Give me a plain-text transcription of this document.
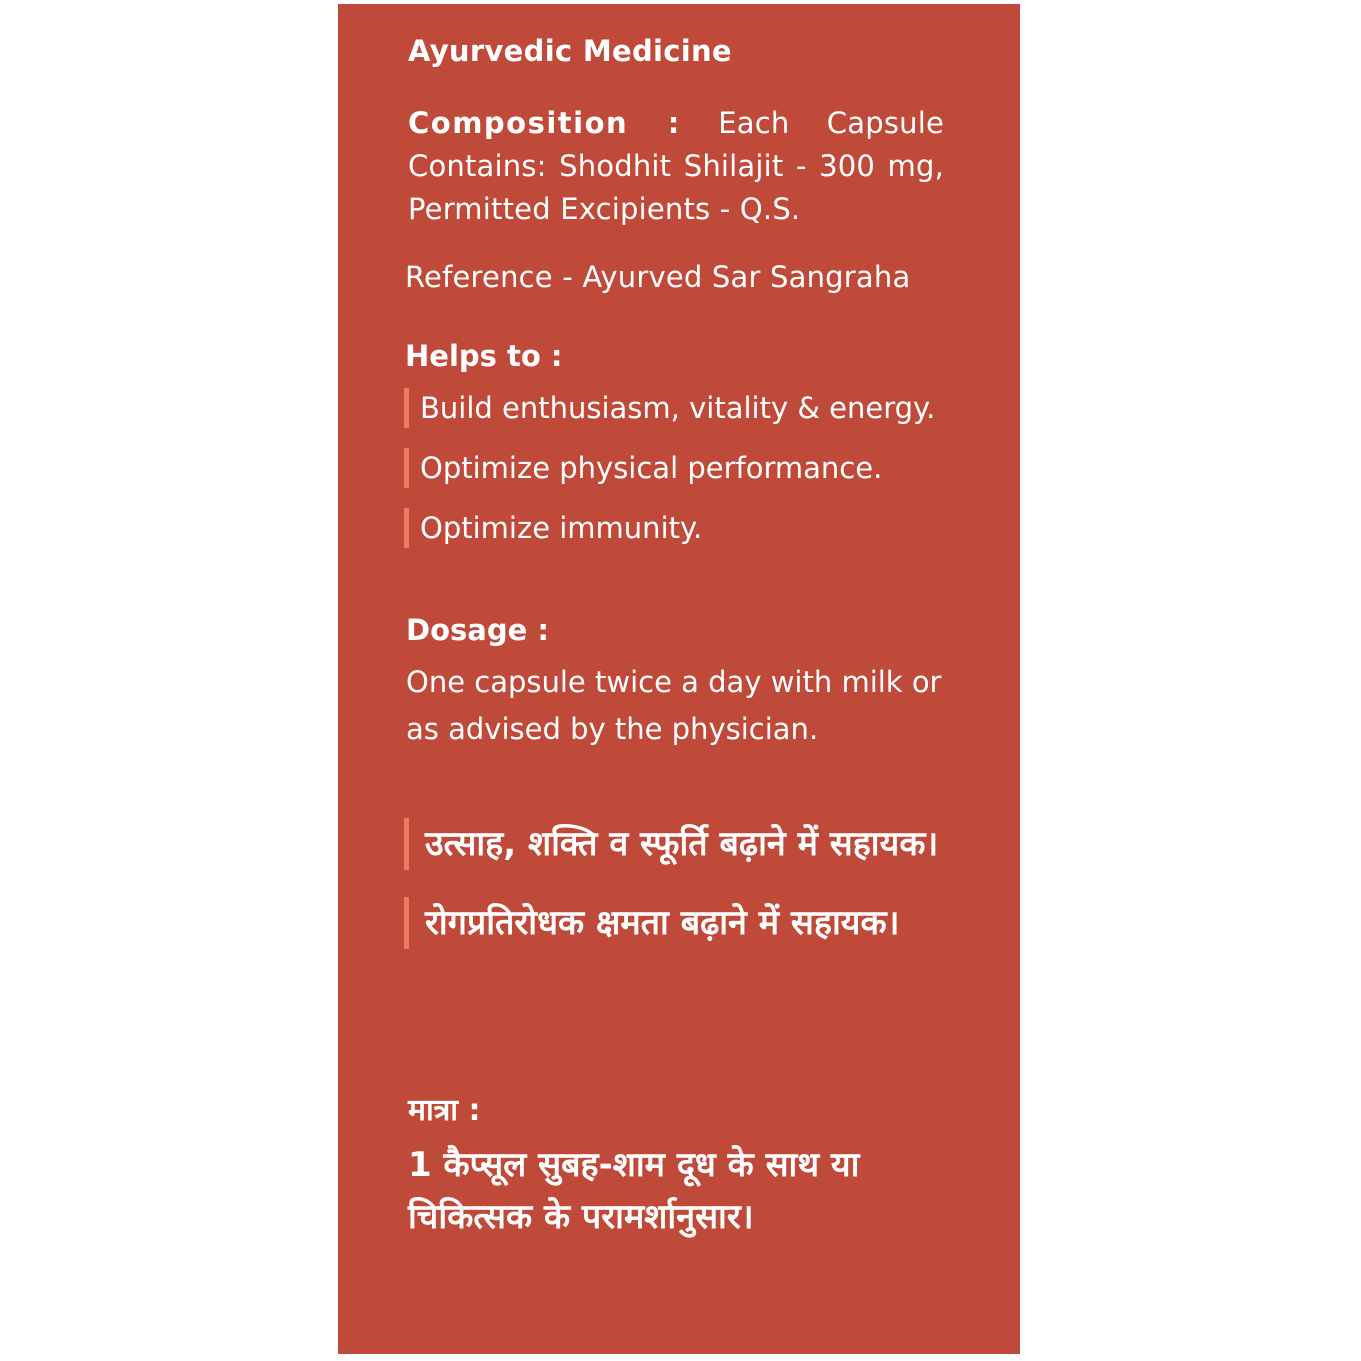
Ayurvedic Medicine
Composition : Each Capsule Contains: Shodhit Shilajit - 300 mg, Permitted Excipients - Q.S.
Reference - Ayurved Sar Sangraha
Helps to :
Build enthusiasm, vitality & energy.
Optimize physical performance.
Optimize immunity.
Dosage :
One capsule twice a day with milk or as advised by the physician.
उत्साह, शक्ति व स्फूर्ति बढ़ाने में सहायक।
रोगप्रतिरोधक क्षमता बढ़ाने में सहायक।
मात्रा :
1 कैप्सूल सुबह-शाम दूध के साथ या चिकित्सक के परामर्शानुसार।
